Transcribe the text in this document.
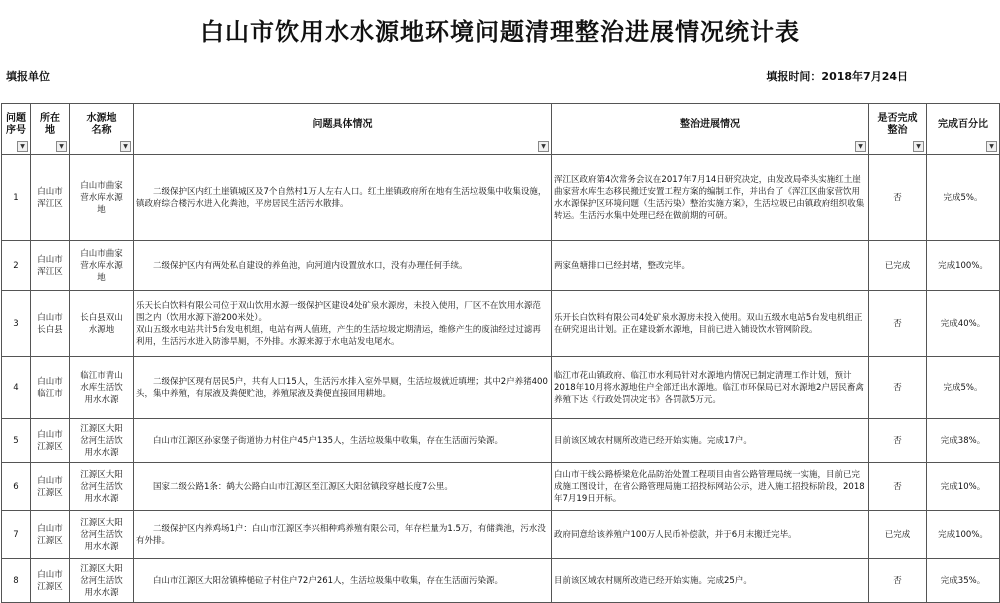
白山市饮用水水源地环境问题清理整治进展情况统计表
填报单位	填报时间：2018年7月24日
问题
序号
▼	所在
地
▼	水源地
名称
▼	问题具体情况
▼	整治进展情况
▼	是否完成
整治
▼	完成百分比
▼

1	白山市
浑江区	白山市曲家
营水库水源
地	二级保护区内红土崖镇城区及7个自然村1万人左右人口。红土崖镇政府所在地有生活垃圾集中收集设施，镇政府综合楼污水进入化粪池，平房居民生活污水散排。	浑江区政府第4次常务会议在2017年7月14日研究决定，由发改局牵头实施红土崖曲家营水库生态移民搬迁安置工程方案的编制工作，并出台了《浑江区曲家营饮用水水源保护区环境问题（生活污染）整治实施方案》，生活垃圾已由镇政府组织收集转运。生活污水集中处理已经在做前期的可研。	否	完成5%。
2	白山市
浑江区	白山市曲家
营水库水源
地	二级保护区内有两处私自建设的养鱼池，向河道内设置放水口，没有办理任何手续。	两家鱼塘排口已经封堵，整改完毕。	已完成	完成100%。
3	白山市
长白县	长白县双山
水源地	乐天长白饮料有限公司位于双山饮用水源一级保护区建设4处矿泉水源房，未投入使用，厂区不在饮用水源范围之内（饮用水源下游200米处）。
双山五级水电站共计5台发电机组，电站有两人值班，产生的生活垃圾定期清运，维修产生的废油经过过滤再利用，生活污水进入防渗旱厕，不外排。水源来源于水电站发电尾水。	乐开长白饮料有限公司4处矿泉水源房未投入使用。双山五级水电站5台发电机组正在研究退出计划。正在建设新水源地，目前已进入铺设饮水管网阶段。	否	完成40%。
4	白山市
临江市	临江市青山
水库生活饮
用水水源	二级保护区现有居民5户，共有人口15人，生活污水排入室外旱厕，生活垃圾就近填埋；其中2户养猪400头，集中养殖，有尿液及粪便贮池，养殖尿液及粪便直接回用耕地。	临江市花山镇政府、临江市水利局针对水源地内情况已制定清理工作计划，预计2018年10月将水源地住户全部迁出水源地。临江市环保局已对水源地2户居民畜禽养殖下达《行政处罚决定书》各罚款5万元。	否	完成5%。
5	白山市
江源区	江源区大阳
岔河生活饮
用水水源	白山市江源区孙家堡子街道协力村住户45户135人，生活垃圾集中收集，存在生活面污染源。	目前该区域农村厕所改造已经开始实施。完成17户。	否	完成38%。
6	白山市
江源区	江源区大阳
岔河生活饮
用水水源	国家二级公路1条：鹤大公路白山市江源区至江源区大阳岔镇段穿越长度7公里。	白山市干线公路桥梁危化品防治处置工程项目由省公路管理局统一实施，目前已完成施工图设计，在省公路管理局施工招投标网站公示，进入施工招投标阶段，2018年7月19日开标。	否	完成10%。
7	白山市
江源区	江源区大阳
岔河生活饮
用水水源	二级保护区内养鸡场1户：白山市江源区李兴相种鸡养殖有限公司，年存栏量为1.5万，有储粪池，污水没有外排。	政府同意给该养殖户100万人民币补偿款，并于6月末搬迁完毕。	已完成	完成100%。
8	白山市
江源区	江源区大阳
岔河生活饮
用水水源	白山市江源区大阳岔镇棒槌砬子村住户72户261人，生活垃圾集中收集，存在生活面污染源。	目前该区域农村厕所改造已经开始实施。完成25户。	否	完成35%。
